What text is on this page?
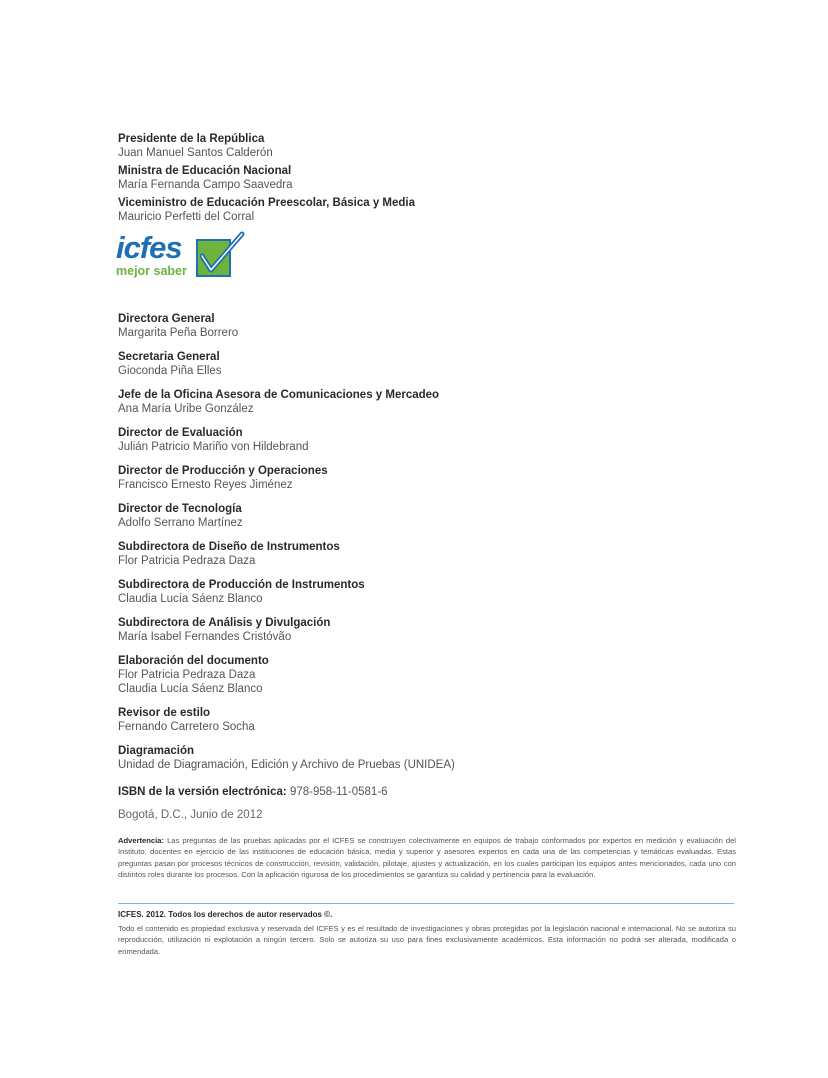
Presidente de la República
Juan Manuel Santos Calderón
Ministra de Educación Nacional
María Fernanda Campo Saavedra
Viceministro de Educación Preescolar, Básica y Media
Mauricio Perfetti del Corral
icfes
mejor saber
Directora General
Margarita Peña Borrero
Secretaria General
Gioconda Piña Elles
Jefe de la Oficina Asesora de Comunicaciones y Mercadeo
Ana María Uribe González
Director de Evaluación
Julián Patricio Mariño von Hildebrand
Director de Producción y Operaciones
Francisco Ernesto Reyes Jiménez
Director de Tecnología
Adolfo Serrano Martínez
Subdirectora de Diseño de Instrumentos
Flor Patricia Pedraza Daza
Subdirectora de Producción de Instrumentos
Claudia Lucía Sáenz Blanco
Subdirectora de Análisis y Divulgación
María Isabel Fernandes Cristóvão
Elaboración del documento
Flor Patricia Pedraza Daza
Claudia Lucía Sáenz Blanco
Revisor de estilo
Fernando Carretero Socha
Diagramación
Unidad de Diagramación, Edición y Archivo de Pruebas (UNIDEA)
ISBN de la versión electrónica: 978-958-11-0581-6
Bogotá, D.C., Junio de 2012
Advertencia: Las preguntas de las pruebas aplicadas por el ICFES se construyen colectivamente en equipos de trabajo conformados por expertos en medición y evaluación del Instituto, docentes en ejercicio de las instituciones de educación básica, media y superior y asesores expertos en cada una de las competencias y temáticas evaluadas. Estas preguntas pasan por procesos técnicos de construcción, revisión, validación, pilotaje, ajustes y actualización, en los cuales participan los equipos antes mencionados, cada uno con distintos roles durante los procesos. Con la aplicación rigurosa de los procedimientos se garantiza su calidad y pertinencia para la evaluación.
ICFES. 2012. Todos los derechos de autor reservados ©.
Todo el contenido es propiedad exclusiva y reservada del ICFES y es el resultado de investigaciones y obras protegidas por la legislación nacional e internacional. No se autoriza su reproducción, utilización ni explotación a ningún tercero. Solo se autoriza su uso para fines exclusivamente académicos. Esta información no podrá ser alterada, modificada o enmendada.
